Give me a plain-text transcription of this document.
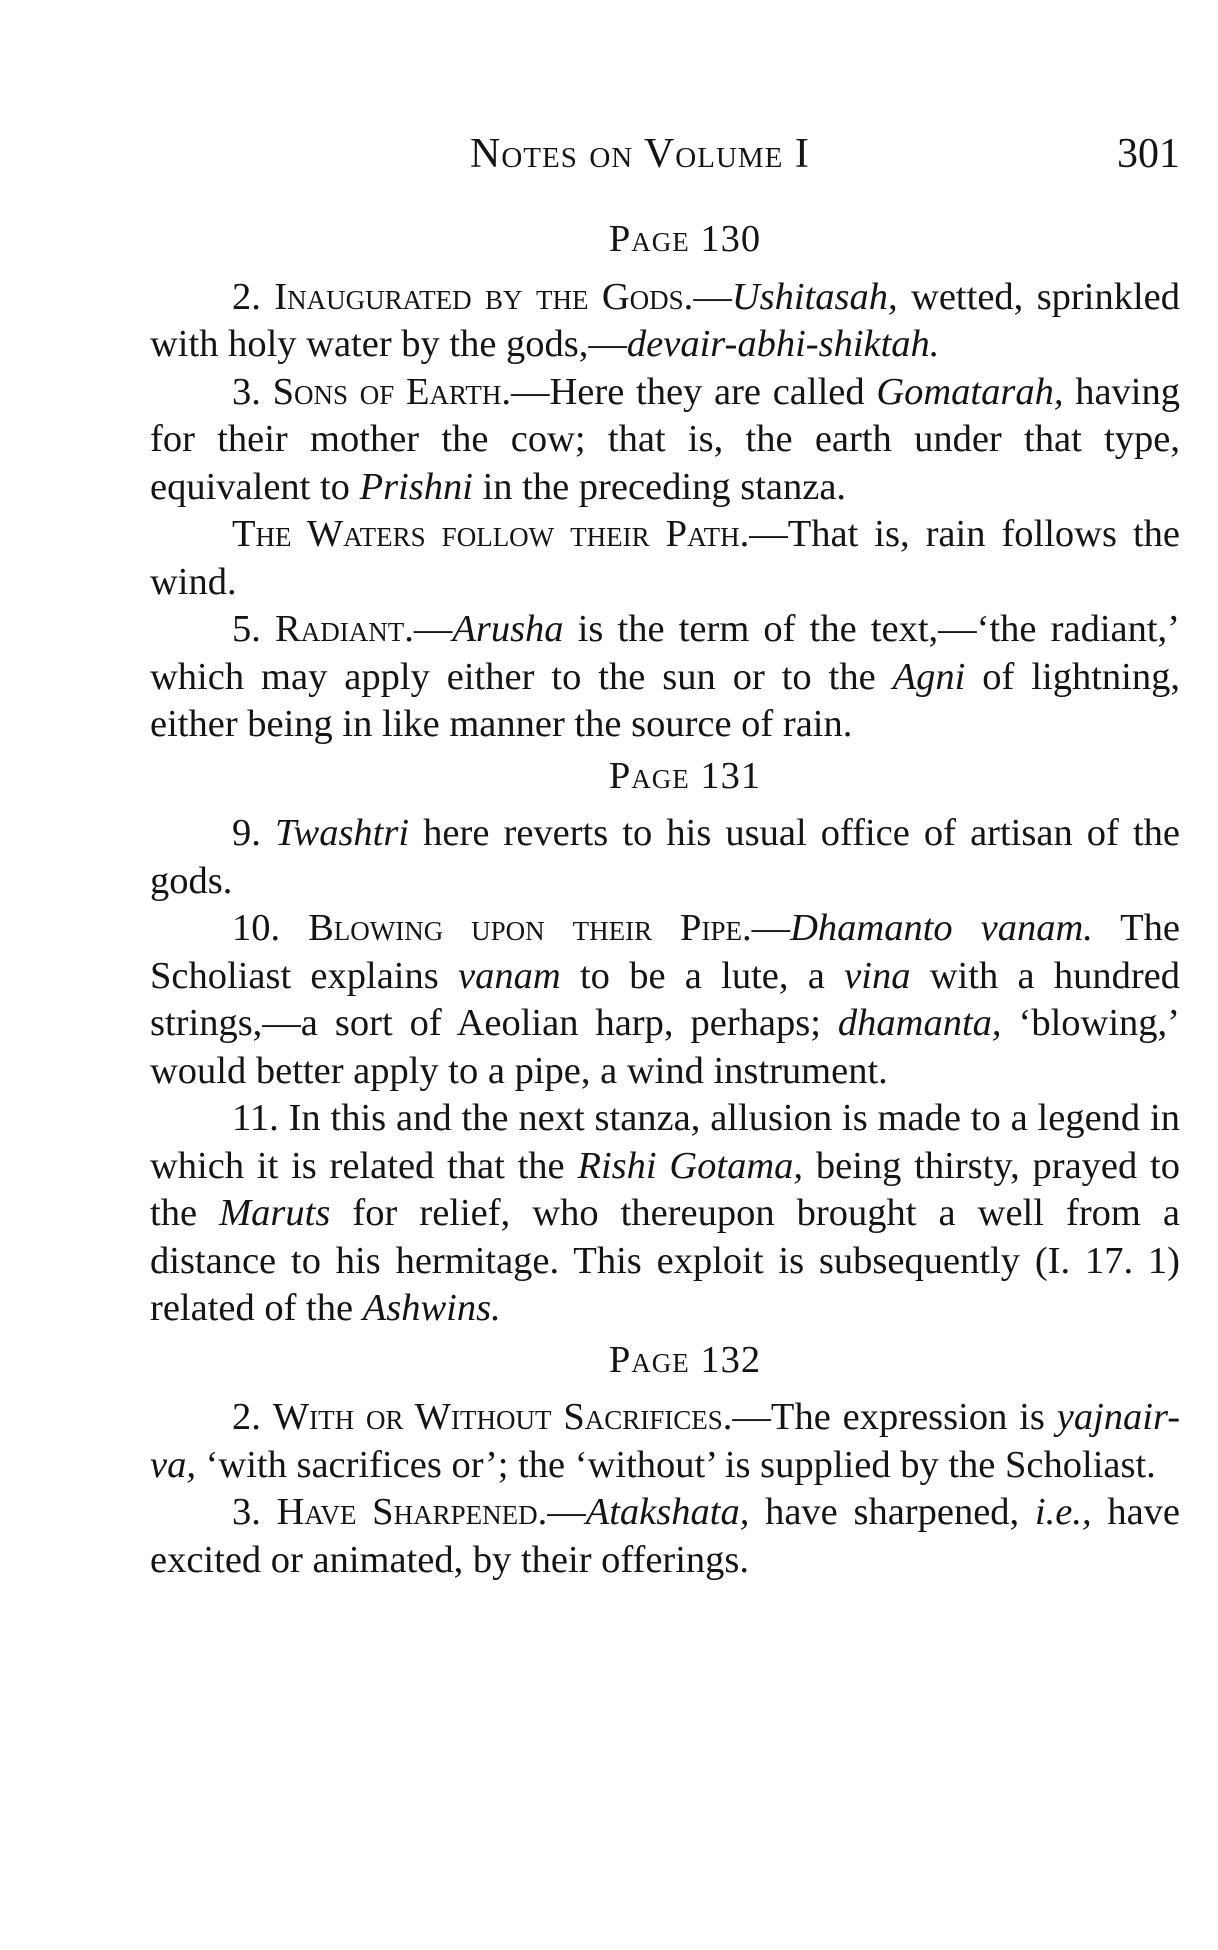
Notes on Volume I	301
Page 130

2. Inaugurated by the Gods.—Ushitasah, wetted, sprinkled with holy water by the gods,—devair-abhi-shiktah.

3. Sons of Earth.—Here they are called Gomatarah, having for their mother the cow; that is, the earth under that type, equivalent to Prishni in the preceding stanza.

The Waters follow their Path.—That is, rain follows the wind.

5. Radiant.—Arusha is the term of the text,—‘the radiant,’ which may apply either to the sun or to the Agni of lightning, either being in like manner the source of rain.

Page 131

9. Twashtri here reverts to his usual office of artisan of the gods.

10. Blowing upon their Pipe.—Dhamanto vanam. The Scholiast explains vanam to be a lute, a vina with a hundred strings,—a sort of Aeolian harp, perhaps; dhamanta, ‘blowing,’ would better apply to a pipe, a wind instrument.

11. In this and the next stanza, allusion is made to a legend in which it is related that the Rishi Gotama, being thirsty, prayed to the Maruts for relief, who thereupon brought a well from a distance to his hermitage. This exploit is subsequently (I. 17. 1) related of the Ashwins.

Page 132

2. With or Without Sacrifices.—The expression is yajnair-va, ‘with sacrifices or’; the ‘without’ is supplied by the Scholiast.

3. Have Sharpened.—Atakshata, have sharpened, i.e., have excited or animated, by their offerings.
